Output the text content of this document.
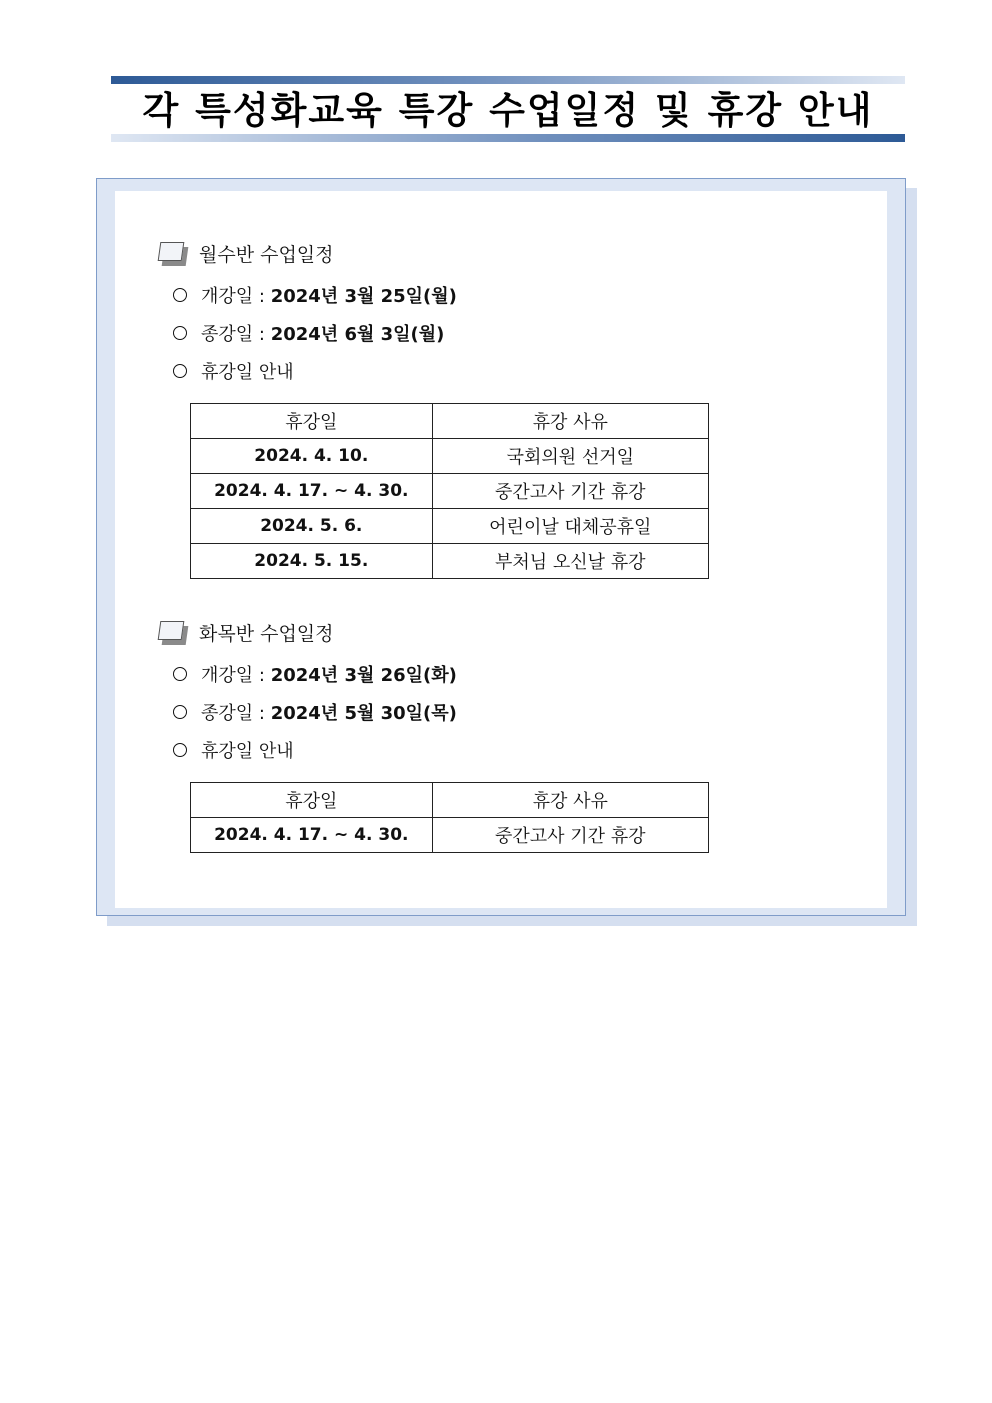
각 특성화교육 특강 수업일정 및 휴강 안내
월수반 수업일정
개강일 :
2024년 3월 25일(월)
종강일 :
2024년 6월 3일(월)
휴강일 안내
휴강일	휴강 사유
2024. 4. 10.	국회의원 선거일
2024. 4. 17. ~ 4. 30.	중간고사 기간 휴강
2024. 5. 6.	어린이날 대체공휴일
2024. 5. 15.	부처님 오신날 휴강
화목반 수업일정
개강일 :
2024년 3월 26일(화)
종강일 :
2024년 5월 30일(목)
휴강일 안내
휴강일	휴강 사유
2024. 4. 17. ~ 4. 30.	중간고사 기간 휴강
